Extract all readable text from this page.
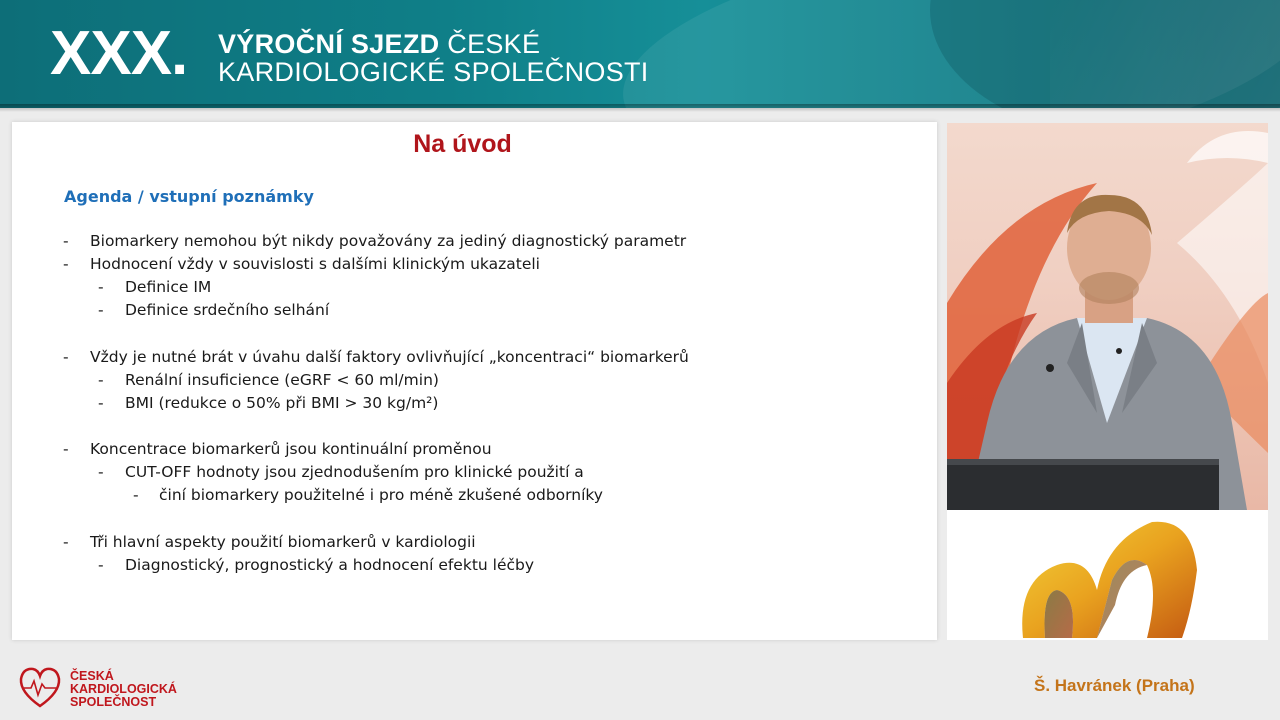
XXX. VÝROČNÍ SJEZD ČESKÉ
KARDIOLOGICKÉ SPOLEČNOSTI
Na úvod
Agenda / vstupní poznámky
- Biomarkery nemohou být nikdy považovány za jediný diagnostický parametr
- Hodnocení vždy v souvislosti s dalšími klinickým ukazateli
- Definice IM
- Definice srdečního selhání
- Vždy je nutné brát v úvahu další faktory ovlivňující „koncentraci“ biomarkerů
- Renální insuficience (eGRF < 60 ml/min)
- BMI (redukce o 50% při BMI > 30 kg/m²)
- Koncentrace biomarkerů jsou kontinuální proměnou
- CUT-OFF hodnoty jsou zjednodušením pro klinické použití a
- činí biomarkery použitelné i pro méně zkušené odborníky
- Tři hlavní aspekty použití biomarkerů v kardiologii
- Diagnostický, prognostický a hodnocení efektu léčby
ČESKÁ
KARDIOLOGICKÁ
SPOLEČNOST
Š. Havránek (Praha)
